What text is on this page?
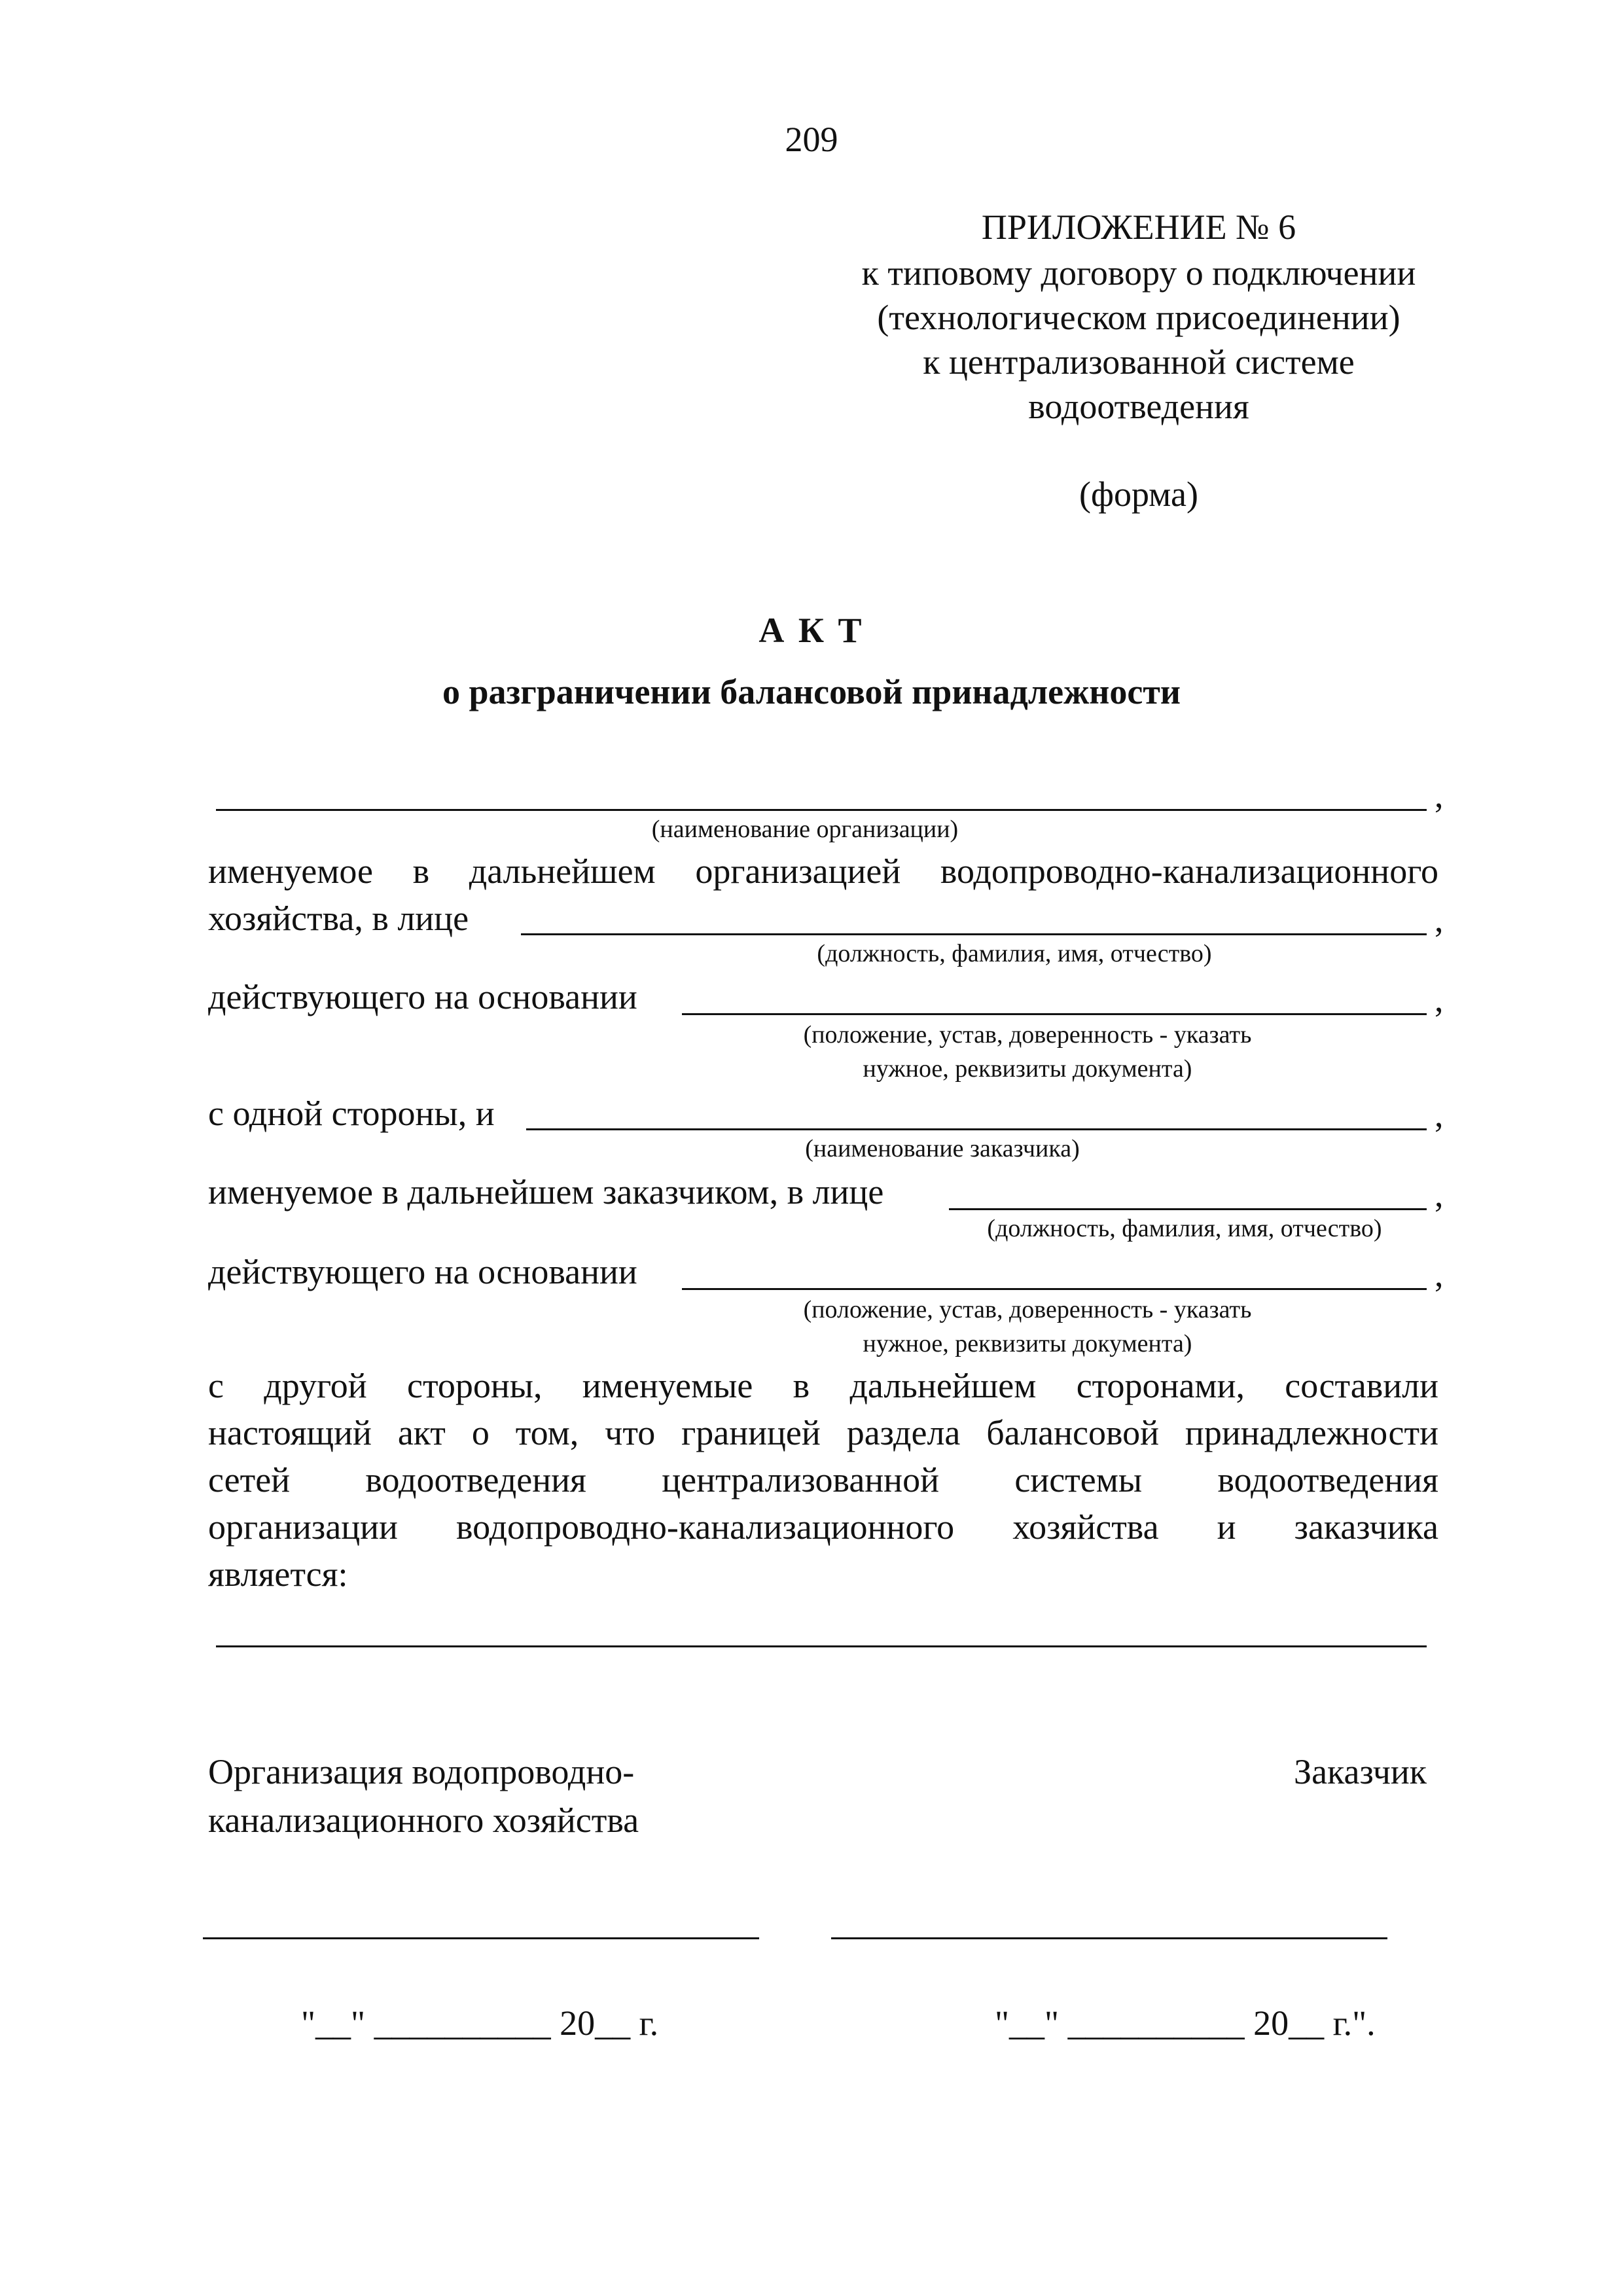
209
ПРИЛОЖЕНИЕ № 6
к типовому договору о подключении
(технологическом присоединении)
к централизованной системе
водоотведения
(форма)
А К Т
о разграничении балансовой принадлежности
,
(наименование организации)
именуемое в дальнейшем организацией водопроводно-канализационного
хозяйства, в лице	,
(должность, фамилия, имя, отчество)
действующего на основании	,
(положение, устав, доверенность - указать
нужное, реквизиты документа)
с одной стороны, и	,
(наименование заказчика)
именуемое в дальнейшем заказчиком, в лице	,
(должность, фамилия, имя, отчество)
действующего на основании	,
(положение, устав, доверенность - указать
нужное, реквизиты документа)
с другой стороны, именуемые в дальнейшем сторонами, составили
настоящий акт о том, что границей раздела балансовой принадлежности
сетей водоотведения централизованной системы водоотведения
организации водопроводно-канализационного хозяйства и заказчика
является:
Организация водопроводно-
канализационного хозяйства
Заказчик
"__" __________ 20__ г.	"__" __________ 20__ г.".
